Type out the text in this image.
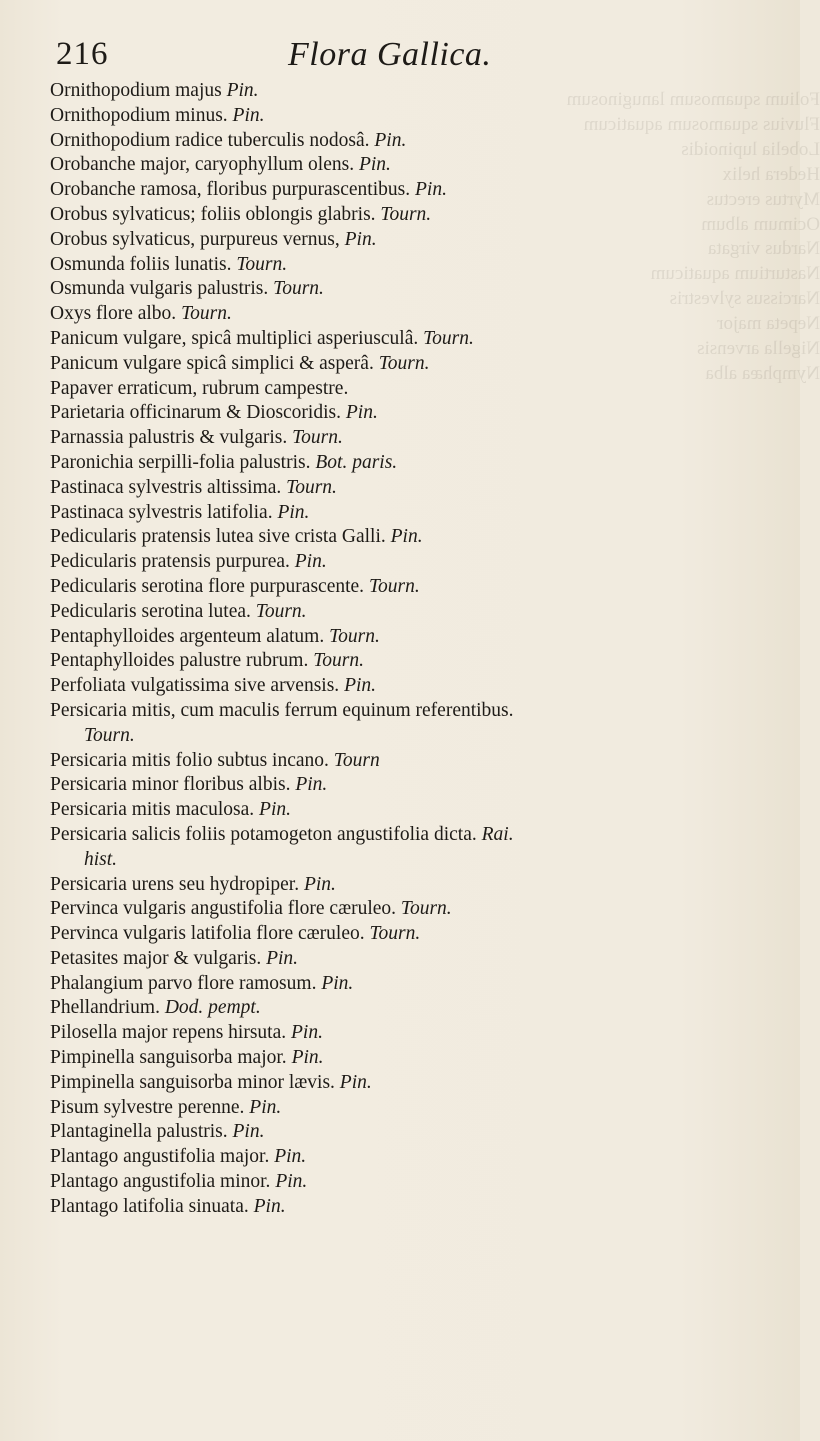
Folium squamosum lanuginosum
Fluvius squamosum aquaticum
Lobelia lupinoidis
Hedera helix
Myrtus erectus
Ocimum album
Nardus virgata
Nasturtium aquaticum
Narcissus sylvestris
Nepeta major
Nigella arvensis
Nymphæa alba
216	Flora Gallica.
Ornithopodium majus Pin.
Ornithopodium minus. Pin.
Ornithopodium radice tuberculis nodosâ. Pin.
Orobanche major, caryophyllum olens. Pin.
Orobanche ramosa, floribus purpurascentibus. Pin.
Orobus sylvaticus; foliis oblongis glabris. Tourn.
Orobus sylvaticus, purpureus vernus, Pin.
Osmunda foliis lunatis. Tourn.
Osmunda vulgaris palustris. Tourn.
Oxys flore albo. Tourn.
Panicum vulgare, spicâ multiplici asperiusculâ. Tourn.
Panicum vulgare spicâ simplici & asperâ. Tourn.
Papaver erraticum, rubrum campestre.
Parietaria officinarum & Dioscoridis. Pin.
Parnassia palustris & vulgaris. Tourn.
Paronichia serpilli-folia palustris. Bot. paris.
Pastinaca sylvestris altissima. Tourn.
Pastinaca sylvestris latifolia. Pin.
Pedicularis pratensis lutea sive crista Galli. Pin.
Pedicularis pratensis purpurea. Pin.
Pedicularis serotina flore purpurascente. Tourn.
Pedicularis serotina lutea. Tourn.
Pentaphylloides argenteum alatum. Tourn.
Pentaphylloides palustre rubrum. Tourn.
Perfoliata vulgatissima sive arvensis. Pin.
Persicaria mitis, cum maculis ferrum equinum referentibus.
Tourn.
Persicaria mitis folio subtus incano. Tourn
Persicaria minor floribus albis. Pin.
Persicaria mitis maculosa. Pin.
Persicaria salicis foliis potamogeton angustifolia dicta. Rai.
hist.
Persicaria urens seu hydropiper. Pin.
Pervinca vulgaris angustifolia flore cæruleo. Tourn.
Pervinca vulgaris latifolia flore cæruleo. Tourn.
Petasites major & vulgaris. Pin.
Phalangium parvo flore ramosum. Pin.
Phellandrium. Dod. pempt.
Pilosella major repens hirsuta. Pin.
Pimpinella sanguisorba major. Pin.
Pimpinella sanguisorba minor lævis. Pin.
Pisum sylvestre perenne. Pin.
Plantaginella palustris. Pin.
Plantago angustifolia major. Pin.
Plantago angustifolia minor. Pin.
Plantago latifolia sinuata. Pin.
